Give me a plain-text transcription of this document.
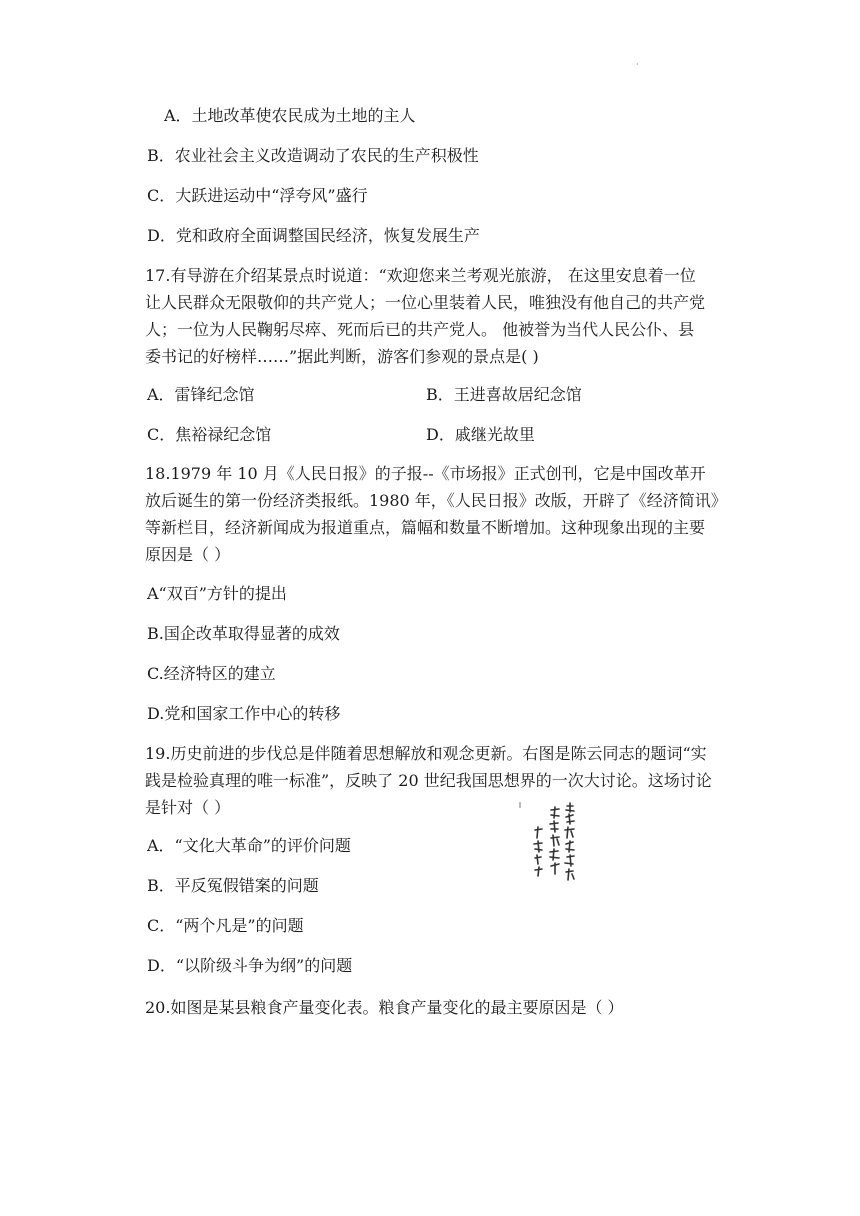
·
A．土地改革使农民成为土地的主人
B．农业社会主义改造调动了农民的生产积极性
C．大跃进运动中“浮夸风”盛行
D．党和政府全面调整国民经济，恢复发展生产
17.有导游在介绍某景点时说道：“欢迎您来兰考观光旅游， 在这里安息着一位
让人民群众无限敬仰的共产党人；一位心里装着人民，唯独没有他自己的共产党
人；一位为人民鞠躬尽瘁、死而后已的共产党人。 他被誉为当代人民公仆、县
委书记的好榜样……”据此判断，游客们参观的景点是( )
A．雷锋纪念馆	B．王进喜故居纪念馆
C．焦裕禄纪念馆	D．戚继光故里
18.1979 年 10 月《人民日报》的子报--《市场报》正式创刊，它是中国改革开
放后诞生的第一份经济类报纸。1980 年，《人民日报》改版，开辟了《经济简讯》
等新栏目，经济新闻成为报道重点，篇幅和数量不断增加。这种现象出现的主要
原因是（ ）
A“双百”方针的提出
B.国企改革取得显著的成效
C.经济特区的建立
D.党和国家工作中心的转移
19.历史前进的步伐总是伴随着思想解放和观念更新。右图是陈云同志的题词“实
践是检验真理的唯一标准”，反映了 20 世纪我国思想界的一次大讨论。这场讨论
是针对（ ）
A．“文化大革命”的评价问题
B．平反冤假错案的问题
C．“两个凡是”的问题
D．“以阶级斗争为纲”的问题
20.如图是某县粮食产量变化表。粮食产量变化的最主要原因是（ ）
